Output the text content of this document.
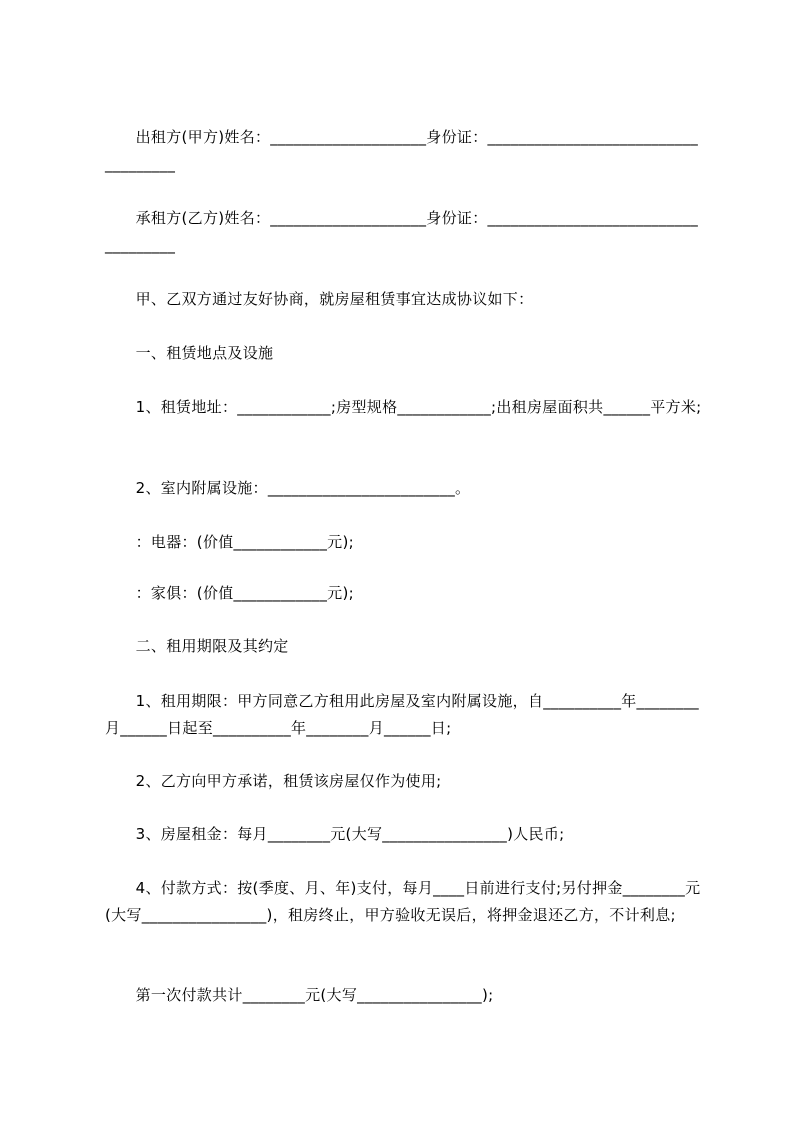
　　出租方(甲方)姓名：____________________身份证：____________________________________

　　承租方(乙方)姓名：____________________身份证：____________________________________

　　甲、乙双方通过友好协商，就房屋租赁事宜达成协议如下：

　　一、租赁地点及设施

　　1、租赁地址：____________;房型规格____________;出租房屋面积共______平方米;

　　2、室内附属设施：________________________。

　　：电器：(价值____________元);

　　：家俱：(价值____________元);

　　二、租用期限及其约定

　　1、租用期限：甲方同意乙方租用此房屋及室内附属设施，自__________年________月______日起至__________年________月______日;

　　2、乙方向甲方承诺，租赁该房屋仅作为使用;

　　3、房屋租金：每月________元(大写________________)人民币;

　　4、付款方式：按(季度、月、年)支付，每月____日前进行支付;另付押金________元(大写________________)，租房终止，甲方验收无误后，将押金退还乙方，不计利息;

　　第一次付款共计________元(大写________________);
